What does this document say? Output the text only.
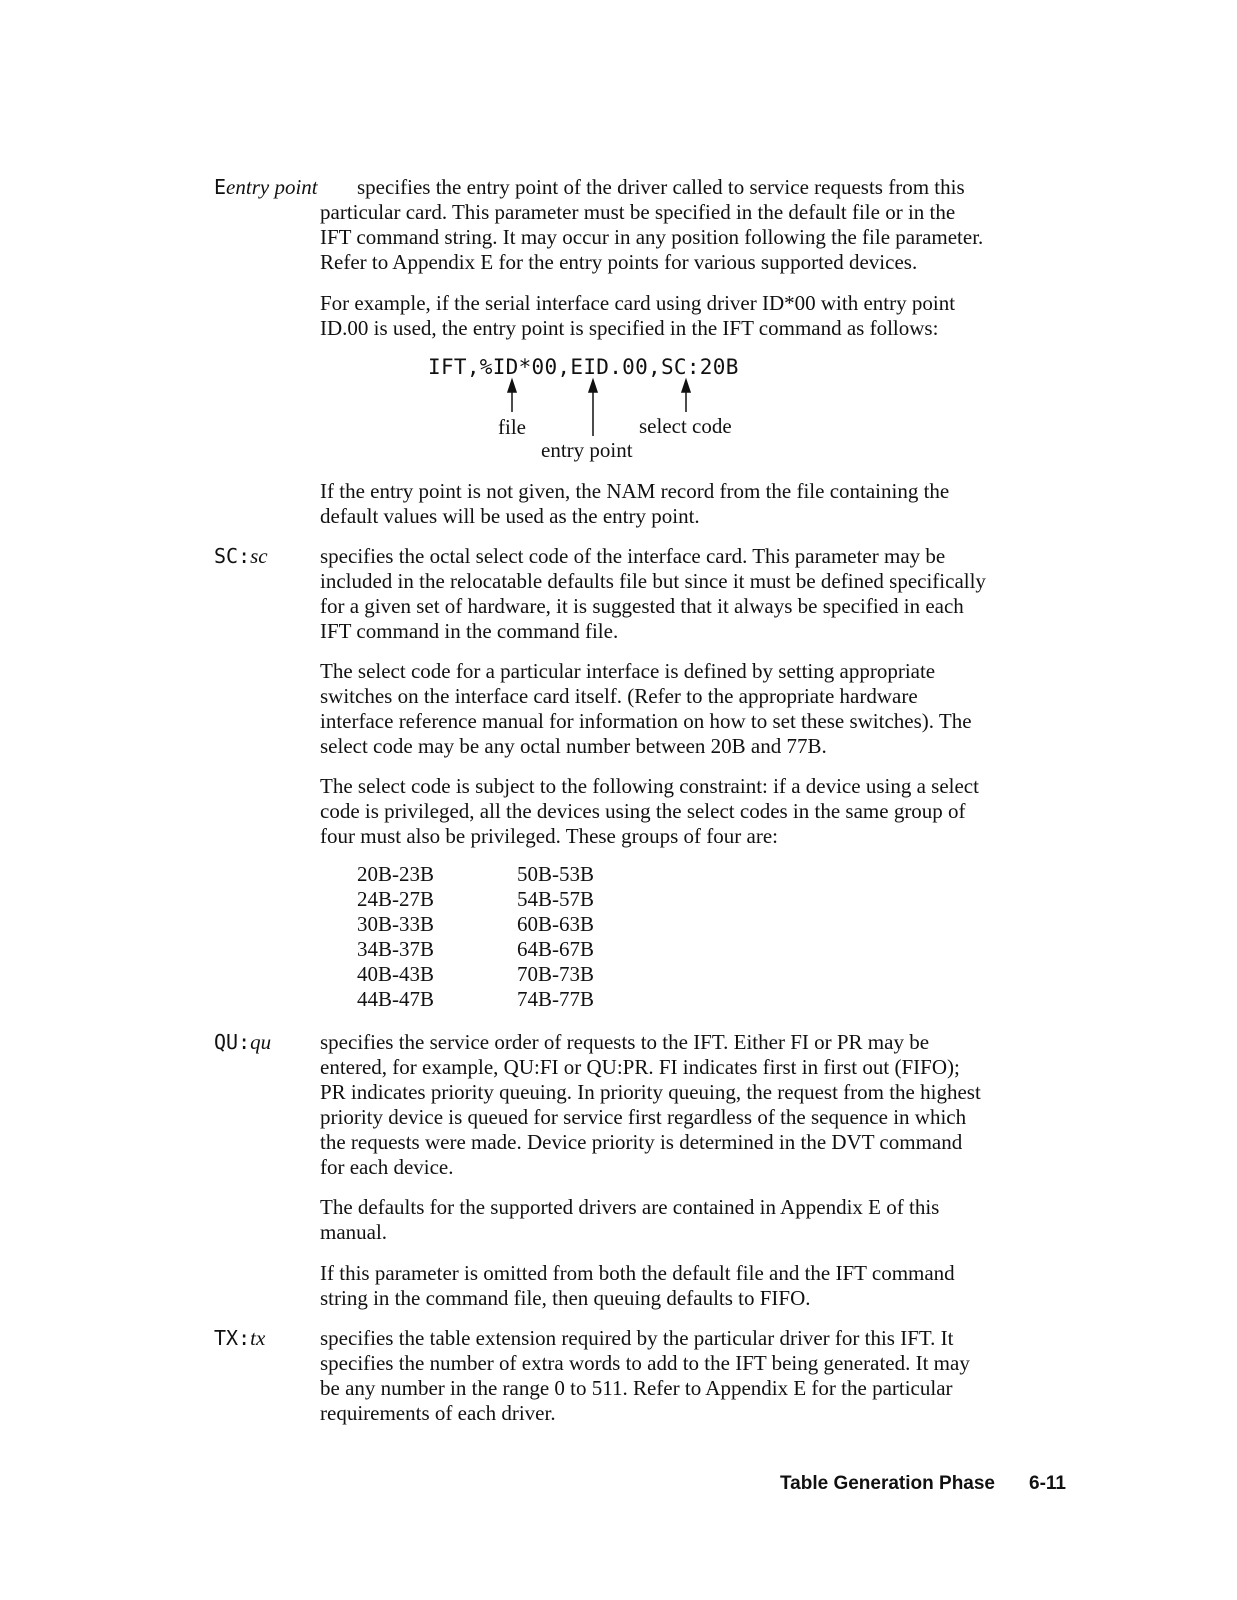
Eentry point specifies the entry point of the driver called to service requests from this

particular card. This parameter must be specified in the default file or in the

IFT command string. It may occur in any position following the file parameter.

Refer to Appendix E for the entry points for various supported devices.

For example, if the serial interface card using driver ID*00 with entry point

ID.00 is used, the entry point is specified in the IFT command as follows:

IFT,%ID*00,EID.00,SC:20B
file	select code
entry point

If the entry point is not given, the NAM record from the file containing the

default values will be used as the entry point.

SC:sc specifies the octal select code of the interface card. This parameter may be

included in the relocatable defaults file but since it must be defined specifically

for a given set of hardware, it is suggested that it always be specified in each

IFT command in the command file.

The select code for a particular interface is defined by setting appropriate

switches on the interface card itself. (Refer to the appropriate hardware

interface reference manual for information on how to set these switches). The

select code may be any octal number between 20B and 77B.

The select code is subject to the following constraint: if a device using a select

code is privileged, all the devices using the select codes in the same group of

four must also be privileged. These groups of four are:

20B-23B	50B-53B
24B-27B	54B-57B
30B-33B	60B-63B
34B-37B	64B-67B
40B-43B	70B-73B
44B-47B	74B-77B
QU:qu specifies the service order of requests to the IFT. Either FI or PR may be

entered, for example, QU:FI or QU:PR. FI indicates first in first out (FIFO);

PR indicates priority queuing. In priority queuing, the request from the highest

priority device is queued for service first regardless of the sequence in which

the requests were made. Device priority is determined in the DVT command

for each device.

The defaults for the supported drivers are contained in Appendix E of this

manual.

If this parameter is omitted from both the default file and the IFT command

string in the command file, then queuing defaults to FIFO.

TX:tx	specifies the table extension required by the particular driver for this IFT. It

specifies the number of extra words to add to the IFT being generated. It may

be any number in the range 0 to 511. Refer to Appendix E for the particular

requirements of each driver.

Table Generation Phase 6-11
